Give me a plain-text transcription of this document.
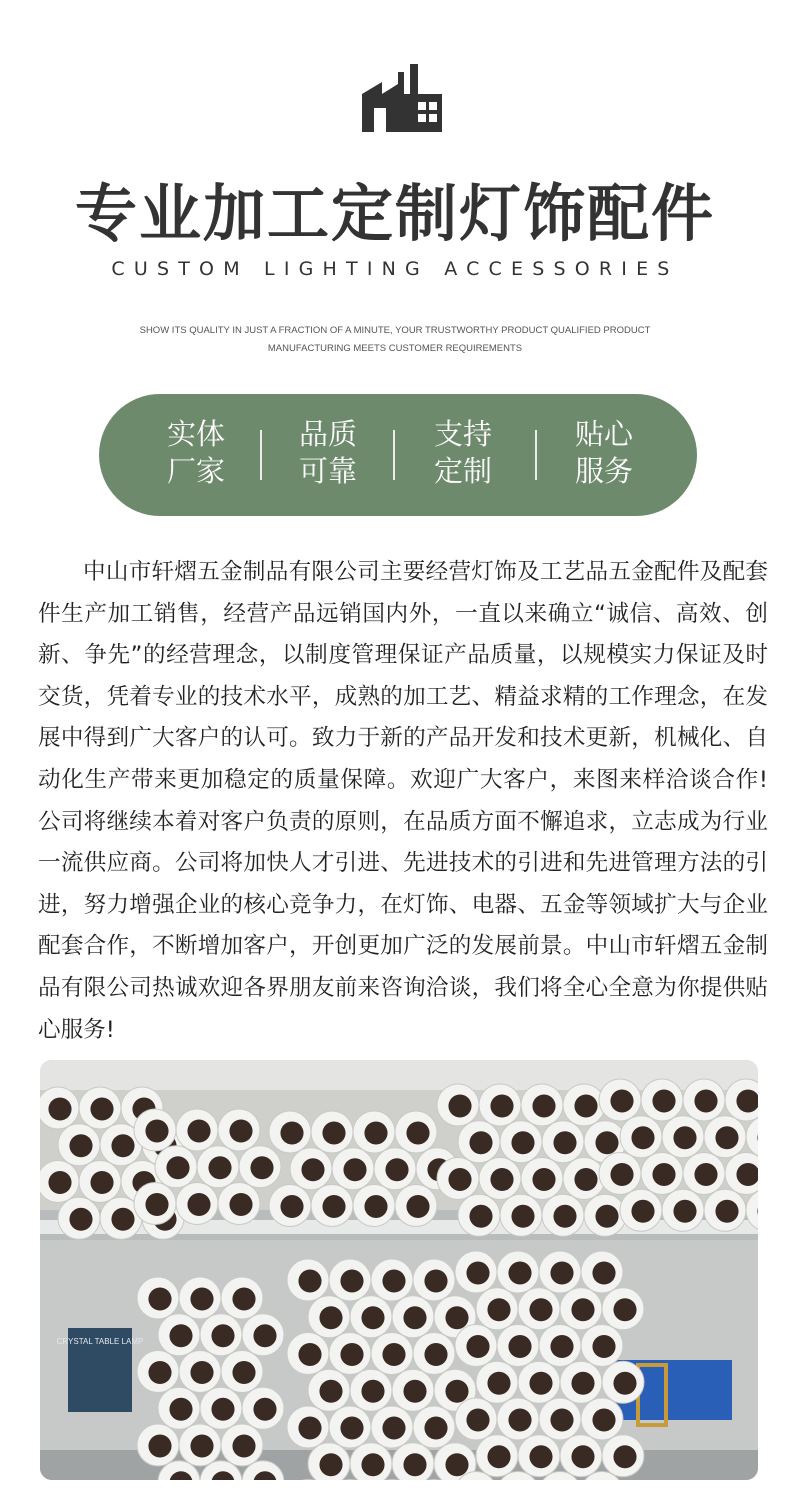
专业加工定制灯饰配件
CUSTOM LIGHTING ACCESSORIES
SHOW ITS QUALITY IN JUST A FRACTION OF A MINUTE, YOUR TRUSTWORTHY PRODUCT QUALIFIED PRODUCT
MANUFACTURING MEETS CUSTOMER REQUIREMENTS
实体
厂家
品质
可靠
支持
定制
贴心
服务

中山市轩熠五金制品有限公司主要经营灯饰及工艺品五金配件及配套件生产加工销售，经营产品远销国内外，一直以来确立“诚信、高效、创新、争先”的经营理念，以制度管理保证产品质量，以规模实力保证及时交货，凭着专业的技术水平，成熟的加工艺、精益求精的工作理念，在发展中得到广大客户的认可。致力于新的产品开发和技术更新，机械化、自动化生产带来更加稳定的质量保障。欢迎广大客户，来图来样洽谈合作!公司将继续本着对客户负责的原则，在品质方面不懈追求，立志成为行业一流供应商。公司将加快人才引进、先进技术的引进和先进管理方法的引进，努力增强企业的核心竞争力，在灯饰、电器、五金等领域扩大与企业配套合作，不断增加客户，开创更加广泛的发展前景。中山市轩熠五金制品有限公司热诚欢迎各界朋友前来咨询洽谈，我们将全心全意为你提供贴心服务!

CRYSTAL TABLE LAMP
